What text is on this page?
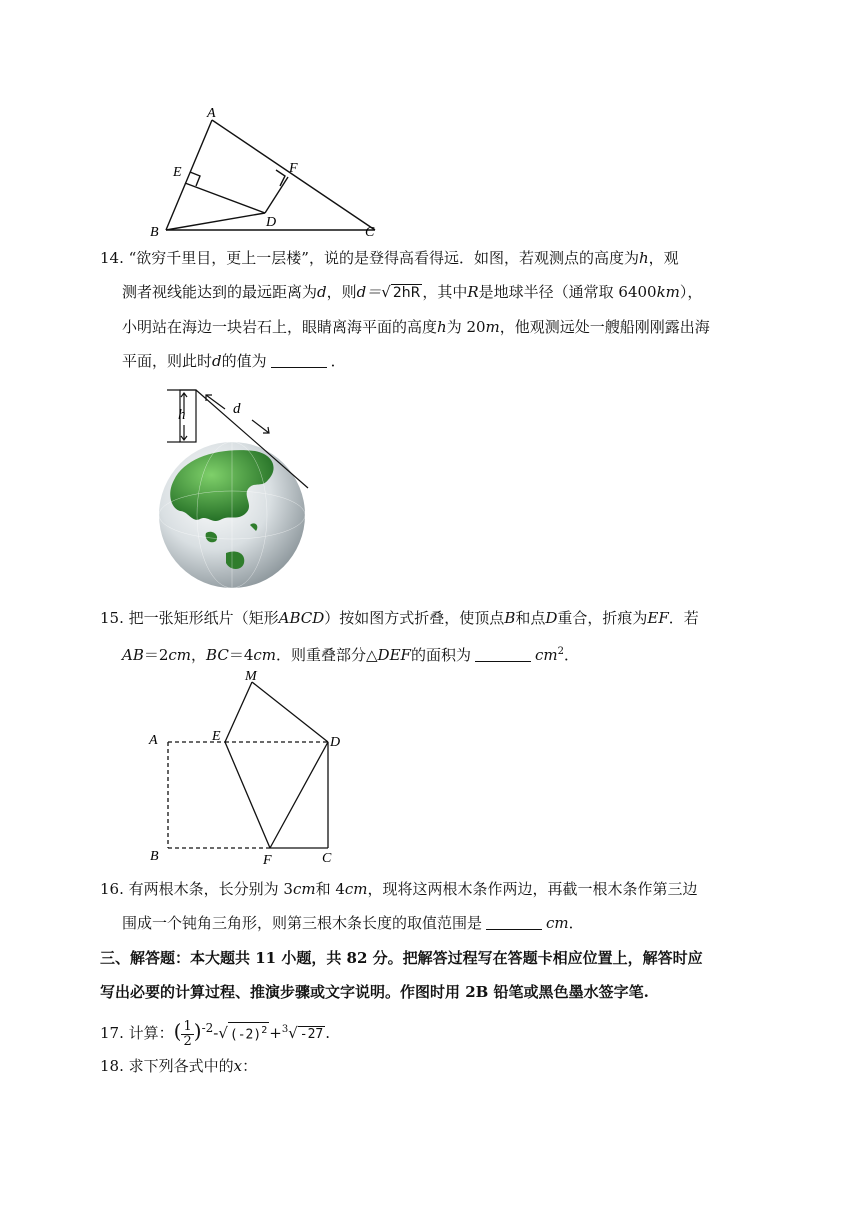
A
E	F
B
D
C
14. “欲穷千里目，更上一层楼”，说的是登得高看得远．如图，若观测点的高度为h，观
测者视线能达到的最远距离为d，则d＝√ 2hR ，其中R是地球半径（通常取 6400km），
小明站在海边一块岩石上，眼睛离海平面的高度h为 20m，他观测远处一艘船刚刚露出海
平面，则此时d的值为	．
h	d
15. 把一张矩形纸片（矩形ABCD）按如图方式折叠，使顶点B和点D重合，折痕为EF．若
AB＝2cm，BC＝4cm．则重叠部分△DEF的面积为	$cm^2$．
M
A	E	D
B	F	C
16. 有两根木条，长分别为 3cm和 4cm，现将这两根木条作两边，再截一根木条作第三边
围成一个钝角三角形，则第三根木条长度的取值范围是	cm．
三、解答题：本大题共 11 小题，共 82 分。把解答过程写在答题卡相应位置上，解答时应
写出必要的计算过程、推演步骤或文字说明。作图时用 2B 铅笔或黑色墨水签字笔.
17. 计算：( $\frac{1}{2} )^{-2}-√$ $(-2)^2 +^3√$ -27 .
18. 求下列各式中的x：
